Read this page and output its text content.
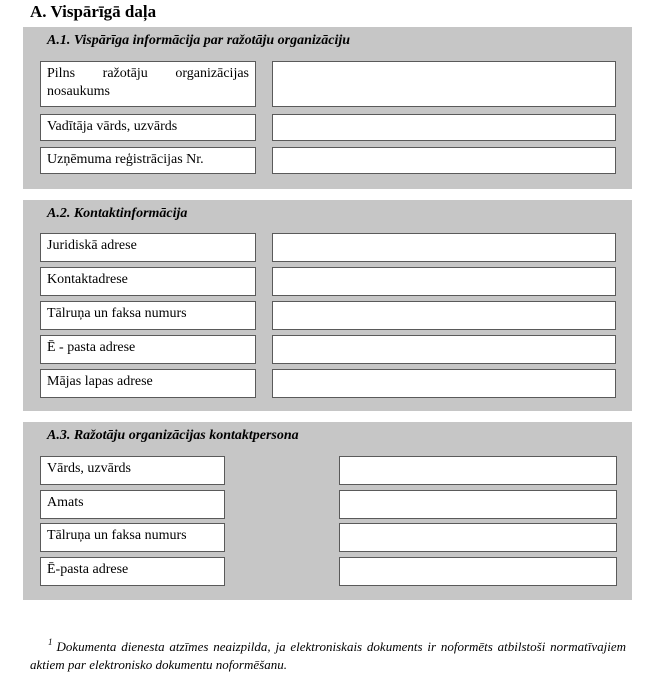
A. Vispārīgā daļa
A.1. Vispārīga informācija par ražotāju organizāciju
Pilns ražotāju organizācijas nosaukums
Vadītāja vārds, uzvārds
Uzņēmuma reģistrācijas Nr.
A.2. Kontaktinformācija
Juridiskā adrese
Kontaktadrese
Tālruņa un faksa numurs
Ē - pasta adrese
Mājas lapas adrese
A.3. Ražotāju organizācijas kontaktpersona
Vārds, uzvārds
Amats
Tālruņa un faksa numurs
Ē-pasta adrese
$^1$ Dokumenta dienesta atzīmes neaizpilda, ja elektroniskais dokuments ir noformēts atbilstoši normatīvajiem aktiem par elektronisko dokumentu noformēšanu.
